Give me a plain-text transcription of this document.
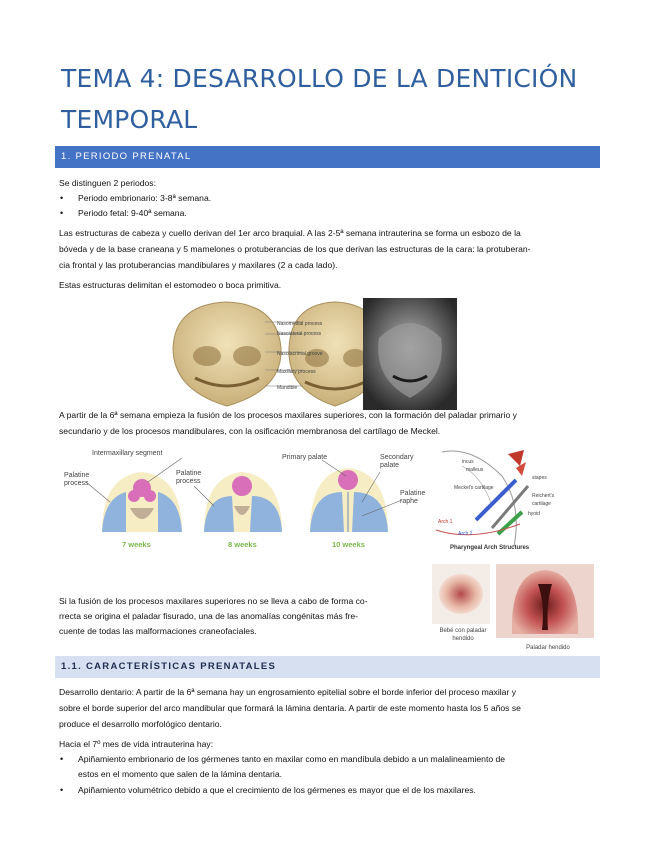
TEMA 4: DESARROLLO DE LA DENTICIÓN TEMPORAL
1. PERIODO PRENATAL
Se distinguen 2 periodos:
• Periodo embrionario: 3-8ª semana.
• Periodo fetal: 9-40ª semana.
Las estructuras de cabeza y cuello derivan del 1er arco braquial. A las 2-5ª semana intrauterina se forma un esbozo de la
bóveda y de la base craneana y 5 mamelones o protuberancias de los que derivan las estructuras de la cara: la protuberan-
cia frontal y las protuberancias mandibulares y maxilares (2 a cada lado).
Estas estructuras delimitan el estomodeo o boca primitiva.
Nasomedial process
Nasolateral process
Nasolacrimal groove
Maxillary process
Mandible
A partir de la 6ª semana empieza la fusión de los procesos maxilares superiores, con la formación del paladar primario y
secundario y de los procesos mandibulares, con la osificación membranosa del cartílago de Meckel.
Intermaxillary segment
Palatine process
Palatine process
Primary palate	Secondary palate
Palatine raphe
7 weeks	8 weeks	10 weeks
incus
malleus
stapes
Meckel's cartilage
Reichert's cartilage
hyoid
Arch 1
Arch 2
Pharyngeal Arch Structures
Si la fusión de los procesos maxilares superiores no se lleva a cabo de forma co-
rrecta se origina el paladar fisurado, una de las anomalías congénitas más fre-
cuente de todas las malformaciones craneofaciales.	Bebé con paladar hendido
Paladar hendido
1.1. CARACTERÍSTICAS PRENATALES
Desarrollo dentario: A partir de la 6ª semana hay un engrosamiento epitelial sobre el borde inferior del proceso maxilar y
sobre el borde superior del arco mandibular que formará la lámina dentaria. A partir de este momento hasta los 5 años se
produce el desarrollo morfológico dentario.
Hacia el 7º mes de vida intrauterina hay:
• Apiñamiento embrionario de los gérmenes tanto en maxilar como en mandíbula debido a un malalineamiento de
estos en el momento que salen de la lámina dentaria.
• Apiñamiento volumétrico debido a que el crecimiento de los gérmenes es mayor que el de los maxilares.
